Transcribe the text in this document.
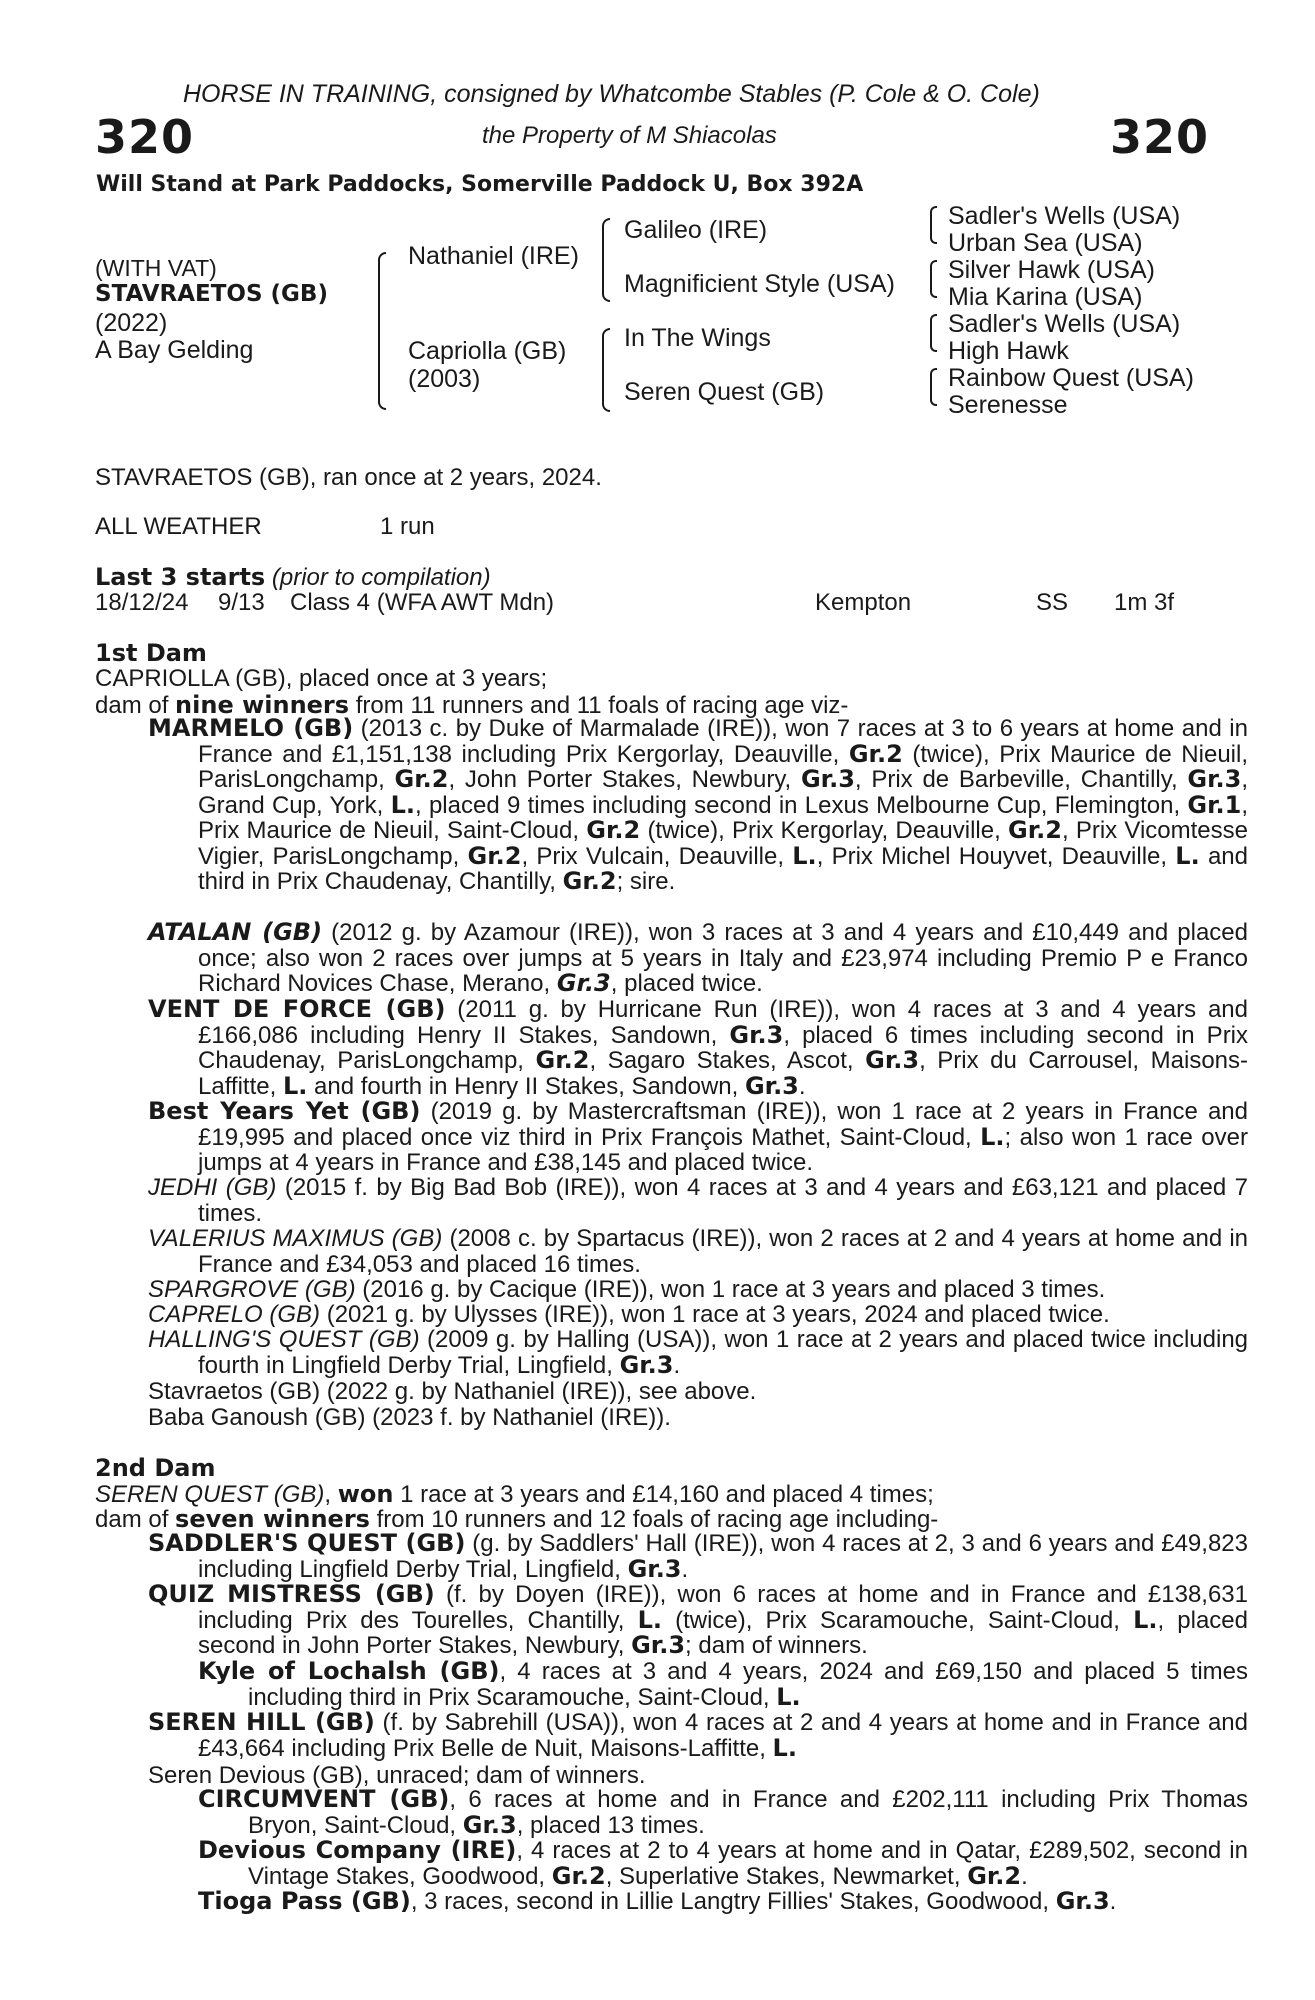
HORSE IN TRAINING, consigned by Whatcombe Stables (P. Cole & O. Cole)
320	the Property of M Shiacolas	320
Will Stand at Park Paddocks, Somerville Paddock U, Box 392A
(WITH VAT)
STAVRAETOS (GB)
(2022)
A Bay Gelding
Nathaniel (IRE)
Capriolla (GB)
(2003)
Galileo (IRE)
Magnificient Style (USA)
In The Wings
Seren Quest (GB)
Sadler's Wells (USA)
Urban Sea (USA)
Silver Hawk (USA)
Mia Karina (USA)
Sadler's Wells (USA)
High Hawk
Rainbow Quest (USA)
Serenesse
STAVRAETOS (GB), ran once at 2 years, 2024.
ALL WEATHER	1 run
Last 3 starts (prior to compilation)
18/12/24 9/13 Class 4 (WFA AWT Mdn)	Kempton	SS 1m 3f
1st Dam
CAPRIOLLA (GB), placed once at 3 years;
dam of nine winners from 11 runners and 11 foals of racing age viz-
MARMELO (GB) (2013 c. by Duke of Marmalade (IRE)), won 7 races at 3 to 6 years at home and in France and £1,151,138 including Prix Kergorlay, Deauville, Gr.2 (twice), Prix Maurice de Nieuil, ParisLongchamp, Gr.2, John Porter Stakes, Newbury, Gr.3, Prix de Barbeville, Chantilly, Gr.3, Grand Cup, York, L., placed 9 times including second in Lexus Melbourne Cup, Flemington, Gr.1, Prix Maurice de Nieuil, Saint-Cloud, Gr.2 (twice), Prix Kergorlay, Deauville, Gr.2, Prix Vicomtesse Vigier, ParisLongchamp, Gr.2, Prix Vulcain, Deauville, L., Prix Michel Houyvet, Deauville, L. and third in Prix Chaudenay, Chantilly, Gr.2; sire.
ATALAN (GB) (2012 g. by Azamour (IRE)), won 3 races at 3 and 4 years and £10,449 and placed once; also won 2 races over jumps at 5 years in Italy and £23,974 including Premio P e Franco Richard Novices Chase, Merano, Gr.3, placed twice.
VENT DE FORCE (GB) (2011 g. by Hurricane Run (IRE)), won 4 races at 3 and 4 years and £166,086 including Henry II Stakes, Sandown, Gr.3, placed 6 times including second in Prix Chaudenay, ParisLongchamp, Gr.2, Sagaro Stakes, Ascot, Gr.3, Prix du Carrousel, Maisons-Laffitte, L. and fourth in Henry II Stakes, Sandown, Gr.3.
Best Years Yet (GB) (2019 g. by Mastercraftsman (IRE)), won 1 race at 2 years in France and £19,995 and placed once viz third in Prix François Mathet, Saint-Cloud, L.; also won 1 race over jumps at 4 years in France and £38,145 and placed twice.
JEDHI (GB) (2015 f. by Big Bad Bob (IRE)), won 4 races at 3 and 4 years and £63,121 and placed 7 times.
VALERIUS MAXIMUS (GB) (2008 c. by Spartacus (IRE)), won 2 races at 2 and 4 years at home and in France and £34,053 and placed 16 times.
SPARGROVE (GB) (2016 g. by Cacique (IRE)), won 1 race at 3 years and placed 3 times.
CAPRELO (GB) (2021 g. by Ulysses (IRE)), won 1 race at 3 years, 2024 and placed twice.
HALLING'S QUEST (GB) (2009 g. by Halling (USA)), won 1 race at 2 years and placed twice including fourth in Lingfield Derby Trial, Lingfield, Gr.3.
Stavraetos (GB) (2022 g. by Nathaniel (IRE)), see above.
Baba Ganoush (GB) (2023 f. by Nathaniel (IRE)).
2nd Dam
SEREN QUEST (GB), won 1 race at 3 years and £14,160 and placed 4 times;
dam of seven winners from 10 runners and 12 foals of racing age including-
SADDLER'S QUEST (GB) (g. by Saddlers' Hall (IRE)), won 4 races at 2, 3 and 6 years and £49,823 including Lingfield Derby Trial, Lingfield, Gr.3.
QUIZ MISTRESS (GB) (f. by Doyen (IRE)), won 6 races at home and in France and £138,631 including Prix des Tourelles, Chantilly, L. (twice), Prix Scaramouche, Saint-Cloud, L., placed second in John Porter Stakes, Newbury, Gr.3; dam of winners.
Kyle of Lochalsh (GB), 4 races at 3 and 4 years, 2024 and £69,150 and placed 5 times including third in Prix Scaramouche, Saint-Cloud, L.
SEREN HILL (GB) (f. by Sabrehill (USA)), won 4 races at 2 and 4 years at home and in France and £43,664 including Prix Belle de Nuit, Maisons-Laffitte, L.
Seren Devious (GB), unraced; dam of winners.
CIRCUMVENT (GB), 6 races at home and in France and £202,111 including Prix Thomas Bryon, Saint-Cloud, Gr.3, placed 13 times.
Devious Company (IRE), 4 races at 2 to 4 years at home and in Qatar, £289,502, second in Vintage Stakes, Goodwood, Gr.2, Superlative Stakes, Newmarket, Gr.2.
Tioga Pass (GB), 3 races, second in Lillie Langtry Fillies' Stakes, Goodwood, Gr.3.
